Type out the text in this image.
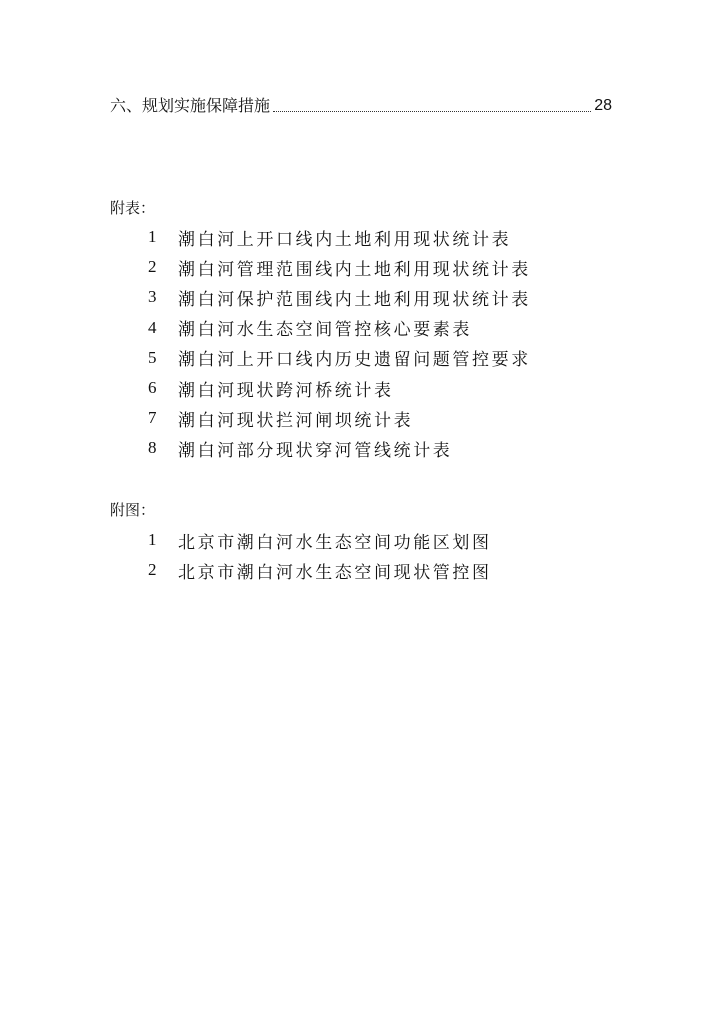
六、规划实施保障措施	28
附表：
1	潮白河上开口线内土地利用现状统计表
2	潮白河管理范围线内土地利用现状统计表
3	潮白河保护范围线内土地利用现状统计表
4	潮白河水生态空间管控核心要素表
5	潮白河上开口线内历史遗留问题管控要求
6	潮白河现状跨河桥统计表
7	潮白河现状拦河闸坝统计表
8	潮白河部分现状穿河管线统计表
附图：
1	北京市潮白河水生态空间功能区划图
2	北京市潮白河水生态空间现状管控图
